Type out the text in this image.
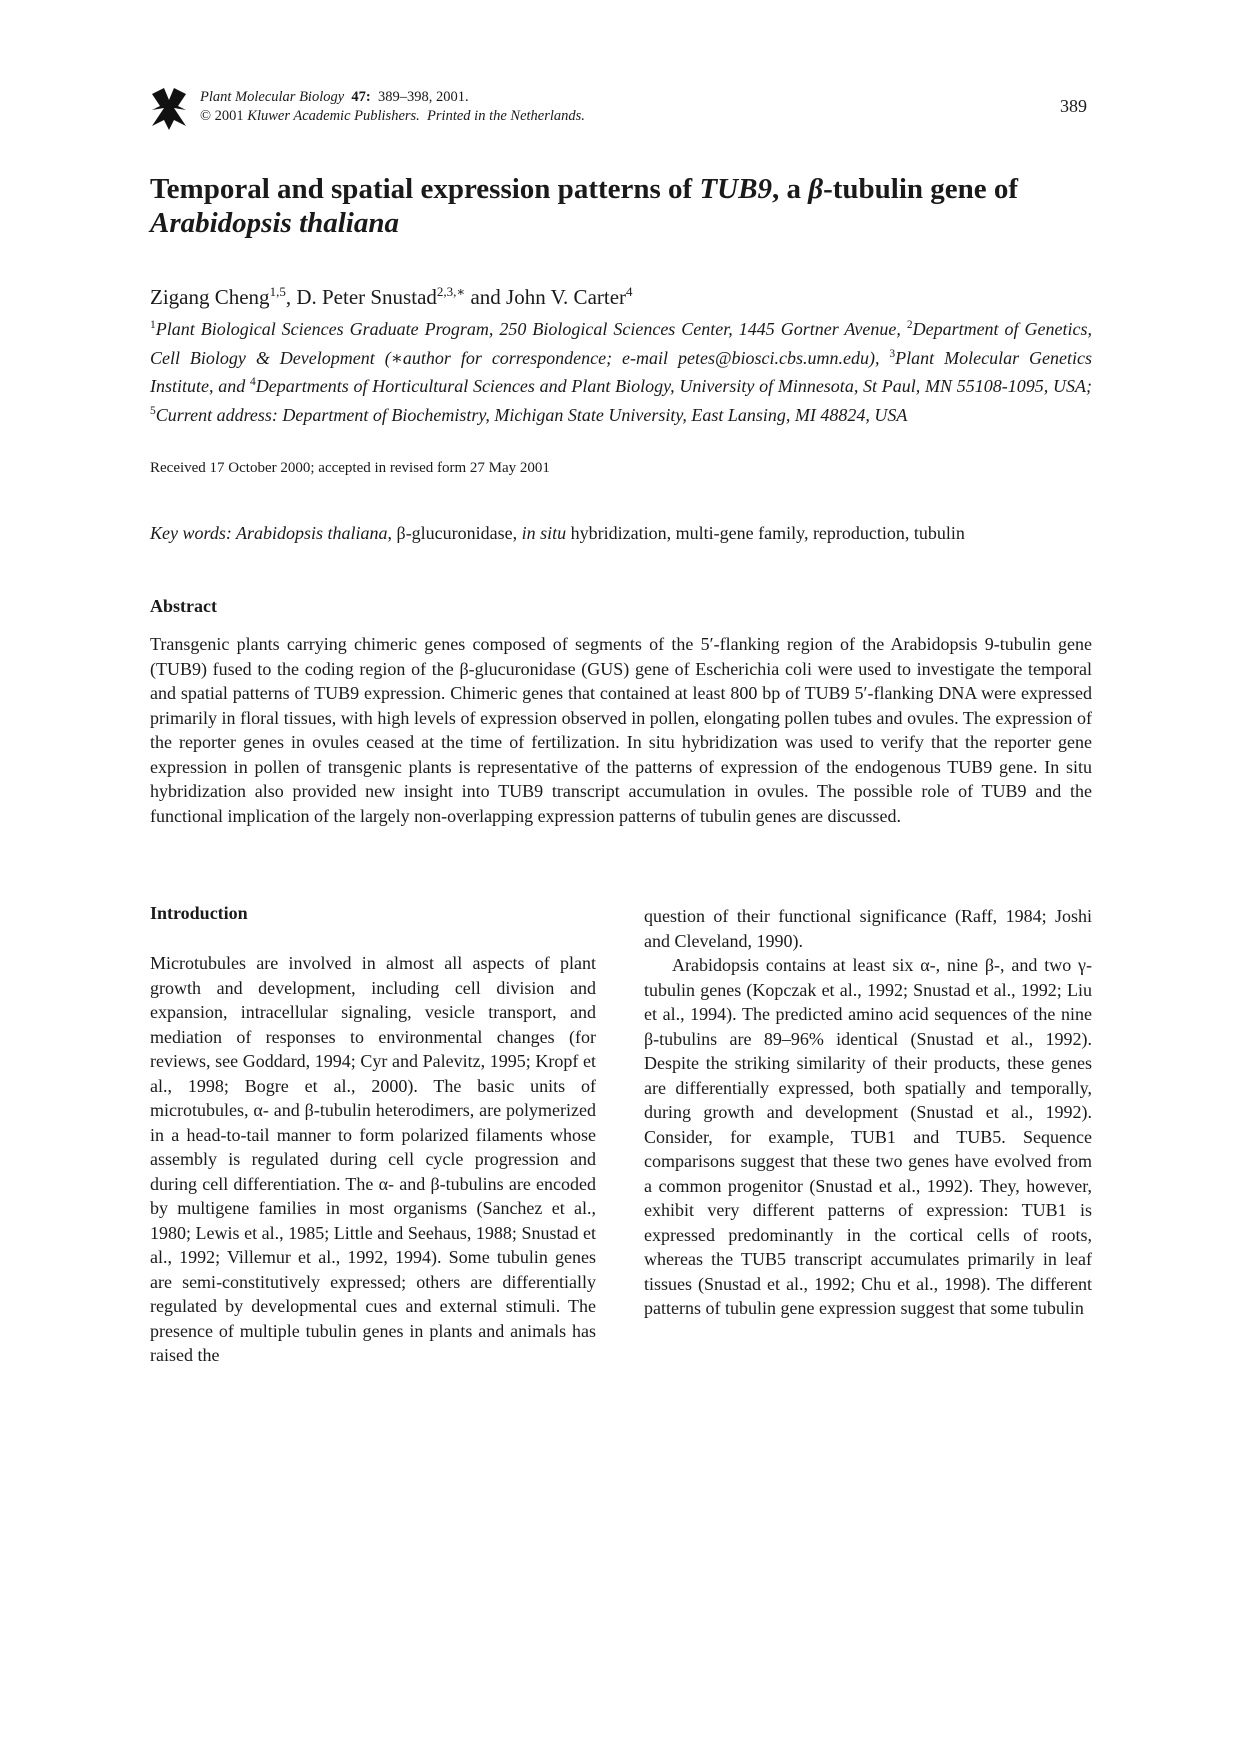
Plant Molecular Biology 47: 389–398, 2001.
© 2001 Kluwer Academic Publishers. Printed in the Netherlands.	389
Temporal and spatial expression patterns of TUB9, a β-tubulin gene of
Arabidopsis thaliana
Zigang Cheng$^{1,5}$, D. Peter Snustad$^{2,3,∗}$ and John V. Carter$^4$
$^1$Plant Biological Sciences Graduate Program, 250 Biological Sciences Center, 1445 Gortner Avenue, $^2$Department of Genetics, Cell Biology & Development (∗author for correspondence; e-mail petes@biosci.cbs.umn.edu), $^3$Plant Molecular Genetics Institute, and $^4$Departments of Horticultural Sciences and Plant Biology, University of Minnesota, St Paul, MN 55108-1095, USA; $^5$Current address: Department of Biochemistry, Michigan State University, East Lansing, MI 48824, USA
Received 17 October 2000; accepted in revised form 27 May 2001
Key words: Arabidopsis thaliana, β-glucuronidase, in situ hybridization, multi-gene family, reproduction, tubulin
Abstract
Transgenic plants carrying chimeric genes composed of segments of the 5′-flanking region of the Arabidopsis 9-tubulin gene (TUB9) fused to the coding region of the β-glucuronidase (GUS) gene of Escherichia coli were used to investigate the temporal and spatial patterns of TUB9 expression. Chimeric genes that contained at least 800 bp of TUB9 5′-flanking DNA were expressed primarily in floral tissues, with high levels of expression observed in pollen, elongating pollen tubes and ovules. The expression of the reporter genes in ovules ceased at the time of fertilization. In situ hybridization was used to verify that the reporter gene expression in pollen of transgenic plants is representative of the patterns of expression of the endogenous TUB9 gene. In situ hybridization also provided new insight into TUB9 transcript accumulation in ovules. The possible role of TUB9 and the functional implication of the largely non-overlapping expression patterns of tubulin genes are discussed.
Introduction

Microtubules are involved in almost all aspects of plant growth and development, including cell division and expansion, intracellular signaling, vesicle transport, and mediation of responses to environmental changes (for reviews, see Goddard, 1994; Cyr and Palevitz, 1995; Kropf et al., 1998; Bogre et al., 2000). The basic units of microtubules, α- and β-tubulin heterodimers, are polymerized in a head-to-tail manner to form polarized filaments whose assembly is regulated during cell cycle progression and during cell differentiation. The α- and β-tubulins are encoded by multigene families in most organisms (Sanchez et al., 1980; Lewis et al., 1985; Little and Seehaus, 1988; Snustad et al., 1992; Villemur et al., 1992, 1994). Some tubulin genes are semi-constitutively expressed; others are differentially regulated by developmental cues and external stimuli. The presence of multiple tubulin genes in plants and animals has raised the

question of their functional significance (Raff, 1984; Joshi and Cleveland, 1990).

Arabidopsis contains at least six α-, nine β-, and two γ-tubulin genes (Kopczak et al., 1992; Snustad et al., 1992; Liu et al., 1994). The predicted amino acid sequences of the nine β-tubulins are 89–96% identical (Snustad et al., 1992). Despite the striking similarity of their products, these genes are differentially expressed, both spatially and temporally, during growth and development (Snustad et al., 1992). Consider, for example, TUB1 and TUB5. Sequence comparisons suggest that these two genes have evolved from a common progenitor (Snustad et al., 1992). They, however, exhibit very different patterns of expression: TUB1 is expressed predominantly in the cortical cells of roots, whereas the TUB5 transcript accumulates primarily in leaf tissues (Snustad et al., 1992; Chu et al., 1998). The different patterns of tubulin gene expression suggest that some tubulin
